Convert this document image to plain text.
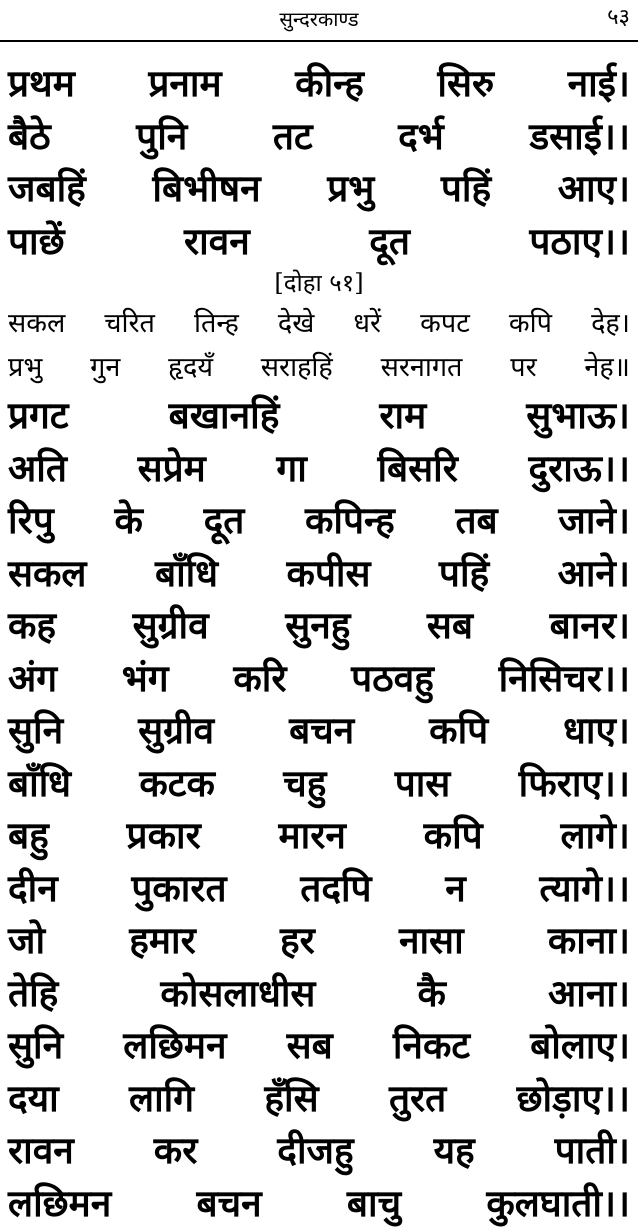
सुन्दरकाण्ड	५३
प्रथम प्रनाम कीन्ह सिरु नाई।
बैठे पुनि तट दर्भ डसाई।।
जबहिं बिभीषन प्रभु पहिं आए।
पाछें	रावन	दूत	पठाए।।
[दोहा ५१]
सकल चरित तिन्ह देखे धरें कपट कपि देह।
प्रभु गुन हृदयँ सराहहिं सरनागत पर नेह॥
प्रगट	बखानहिं	राम	सुभाऊ।
अति सप्रेम गा बिसरि दुराऊ।।
रिपु के दूत कपिन्ह तब जाने।
सकल बाँधि कपीस पहिं आने।
कह सुग्रीव सुनहु सब बानर।
अंग भंग करि पठवहु निसिचर।।
सुनि सुग्रीव बचन कपि धाए।
बाँधि कटक चहु पास फिराए।।
बहु प्रकार मारन कपि लागे।
दीन पुकारत तदपि न त्यागे।।
जो हमार हर नासा काना।
तेहि	कोसलाधीस	कै	आना।
सुनि लछिमन सब निकट बोलाए।
दया लागि हँसि तुरत छोड़ाए।।
रावन कर दीजहु यह पाती।
लछिमन बचन बाचु कुलघाती।।
